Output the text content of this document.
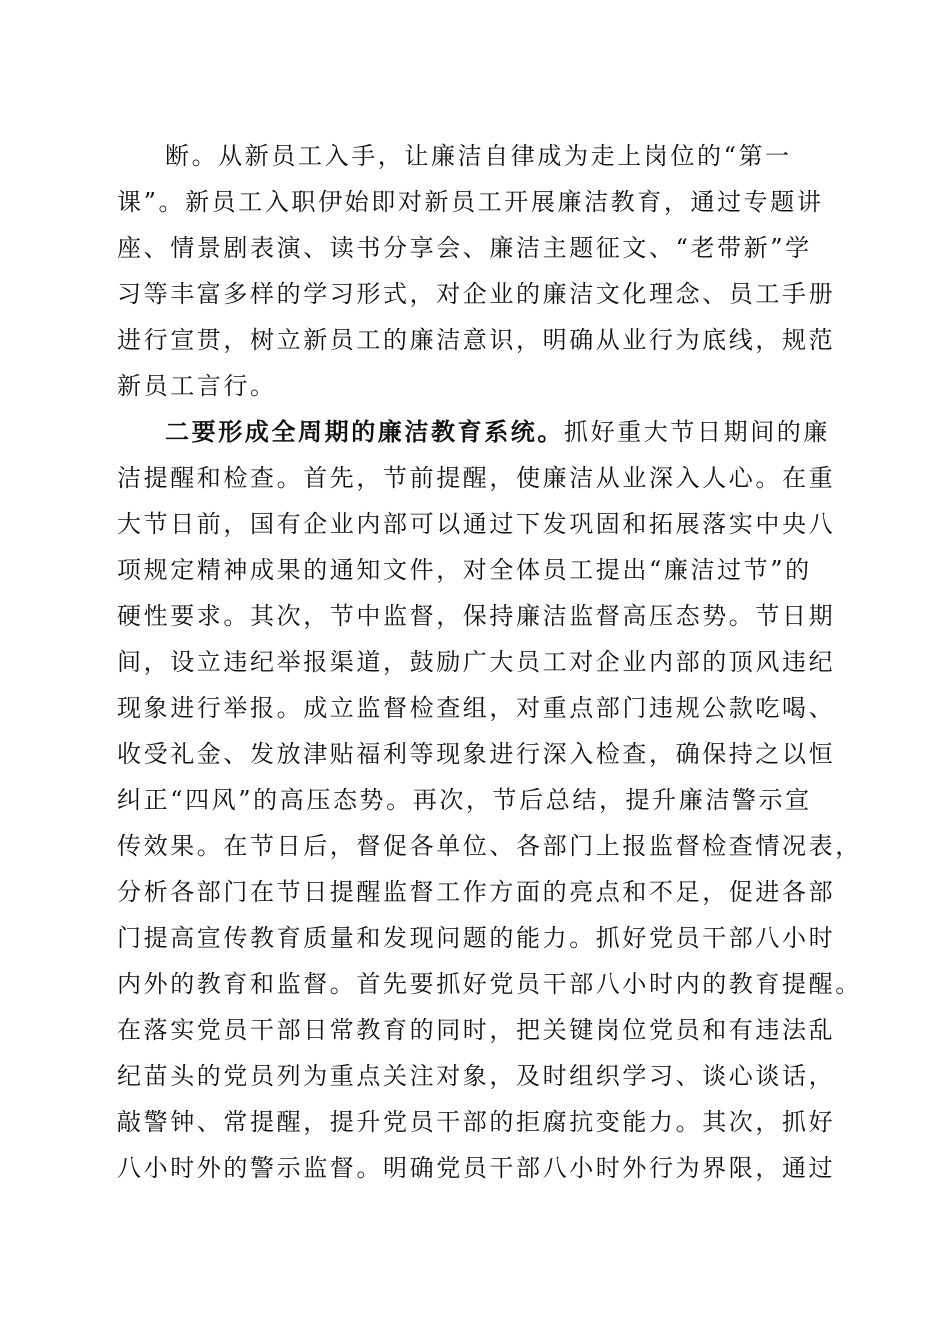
断。从新员工入手，让廉洁自律成为走上岗位的“第一
课”。新员工入职伊始即对新员工开展廉洁教育，通过专题讲
座、情景剧表演、读书分享会、廉洁主题征文、“老带新”学
习等丰富多样的学习形式，对企业的廉洁文化理念、员工手册
进行宣贯，树立新员工的廉洁意识，明确从业行为底线，规范
新员工言行。
二要形成全周期的廉洁教育系统。抓好重大节日期间的廉
洁提醒和检查。首先，节前提醒，使廉洁从业深入人心。在重
大节日前，国有企业内部可以通过下发巩固和拓展落实中央八
项规定精神成果的通知文件，对全体员工提出“廉洁过节”的
硬性要求。其次，节中监督，保持廉洁监督高压态势。节日期
间，设立违纪举报渠道，鼓励广大员工对企业内部的顶风违纪
现象进行举报。成立监督检查组，对重点部门违规公款吃喝、
收受礼金、发放津贴福利等现象进行深入检查，确保持之以恒
纠正“四风”的高压态势。再次，节后总结，提升廉洁警示宣
传效果。在节日后，督促各单位、各部门上报监督检查情况表，
分析各部门在节日提醒监督工作方面的亮点和不足，促进各部
门提高宣传教育质量和发现问题的能力。抓好党员干部八小时
内外的教育和监督。首先要抓好党员干部八小时内的教育提醒。
在落实党员干部日常教育的同时，把关键岗位党员和有违法乱
纪苗头的党员列为重点关注对象，及时组织学习、谈心谈话，
敲警钟、常提醒，提升党员干部的拒腐抗变能力。其次，抓好
八小时外的警示监督。明确党员干部八小时外行为界限，通过
